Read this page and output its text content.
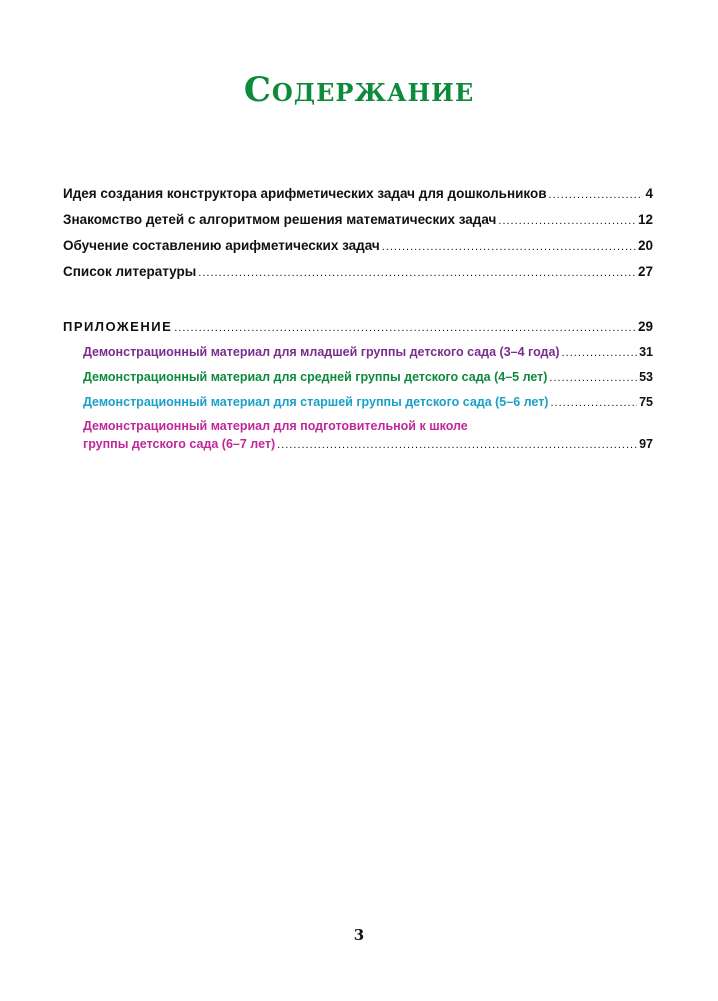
Содержание
Идея создания конструктора арифметических задач для дошкольников .....	4
Знакомство детей с алгоритмом решения математических задач .....	12
Обучение составлению арифметических задач .....	20
Список литературы .....	27
ПРИЛОЖЕНИЕ .....	29
Демонстрационный материал для младшей группы детского сада (3–4 года) .....	31
Демонстрационный материал для средней группы детского сада (4–5 лет) .....	53
Демонстрационный материал для старшей группы детского сада (5–6 лет) .....	75
Демонстрационный материал для подготовительной к школе
группы детского сада (6–7 лет) .....	97
3
